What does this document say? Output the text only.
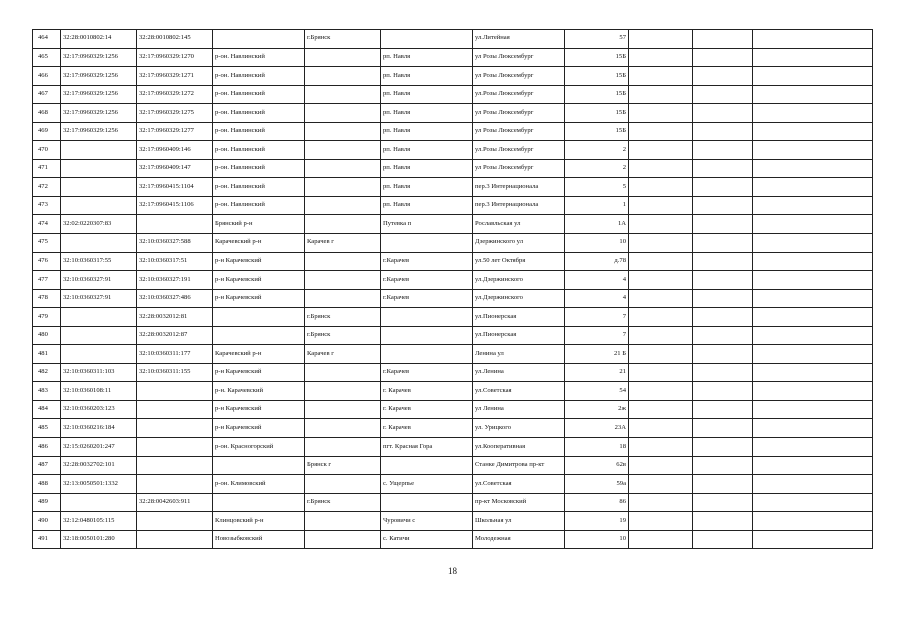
464	32:28:0010802:14	32:28:0010802:145		г.Брянск		ул.Литейная	57			
465	32:17:0960329:1256	32:17:0960329:1270	р-он. Навлинский		рп. Навля	ул Розы Люксембург	15Б			
466	32:17:0960329:1256	32:17:0960329:1271	р-он. Навлинский		рп. Навля	ул Розы Люксембург	15Б			
467	32:17:0960329:1256	32:17:0960329:1272	р-он. Навлинский		рп. Навля	ул.Розы Люксембург	15Б			
468	32:17:0960329:1256	32:17:0960329:1275	р-он. Навлинский		рп. Навля	ул Розы Люксембург	15Б			
469	32:17:0960329:1256	32:17:0960329:1277	р-он. Навлинский		рп. Навля	ул Розы Люксембург	15Б			
470		32:17:0960409:146	р-он. Навлинский		рп. Навля	ул.Розы Люксембург	2			
471		32:17:0960409:147	р-он. Навлинский		рп. Навля	ул Розы Люксембург	2			
472		32:17:0960415:1104	р-он. Навлинский		рп. Навля	пер.3 Интернационала	5			
473		32:17:0960415:1106	р-он. Навлинский		рп. Навля	пер.3 Интернационала	1			
474	32:02:0220307:83		Брянский р-н		Путевка п	Рославльская ул	1А			
475		32:10:0360327:588	Карачевский р-н	Карачев г		Дзержинского ул	10			
476	32:10:0360317:55	32:10:0360317:51	р-н Карачевский		г.Карачев	ул.50 лет Октября	д.78			
477	32:10:0360327:91	32:10:0360327:191	р-н Карачевский		г.Карачев	ул.Дзержинского	4			
478	32:10:0360327:91	32:10:0360327:486	р-н Карачевский		г.Карачев	ул.Дзержинского	4			
479		32:28:0032012:81		г.Брянск		ул.Пионерская	7			
480		32:28:0032012:87		г.Брянск		ул.Пионерская	7			
481		32:10:0360311:177	Карачевский р-н	Карачев г		Ленина ул	21 Б			
482	32:10:0360311:103	32:10:0360311:155	р-н Карачевский		г.Карачев	ул.Ленина	21			
483	32:10:0360108:11		р-н. Карачевский		г. Карачев	ул.Советская	54			
484	32:10:0360203:123		р-н Карачевский		г. Карачев	ул Ленина	2ж			
485	32:10:0360216:184		р-н Карачевский		г. Карачев	ул. Урицкого	23А			
486	32:15:0260201:247		р-он. Красногорский		пгт. Красная Гора	ул.Кооперативная	18			
487	32:28:0032702:101			Брянск г		Станке Димитрова пр-кт	62в			
488	32:13:0050501:1332		р-он. Климовский		с. Ущерпье	ул.Советская	59а			
489		32:28:0042603:911		г.Брянск		пр-кт Московский	86			
490	32:12:0480105:115		Клинцовский р-н		Чуровичи с	Школьная ул	19			
491	32:18:0050101:280		Новозыбковский		с. Катичи	Молодежная	10			
18
